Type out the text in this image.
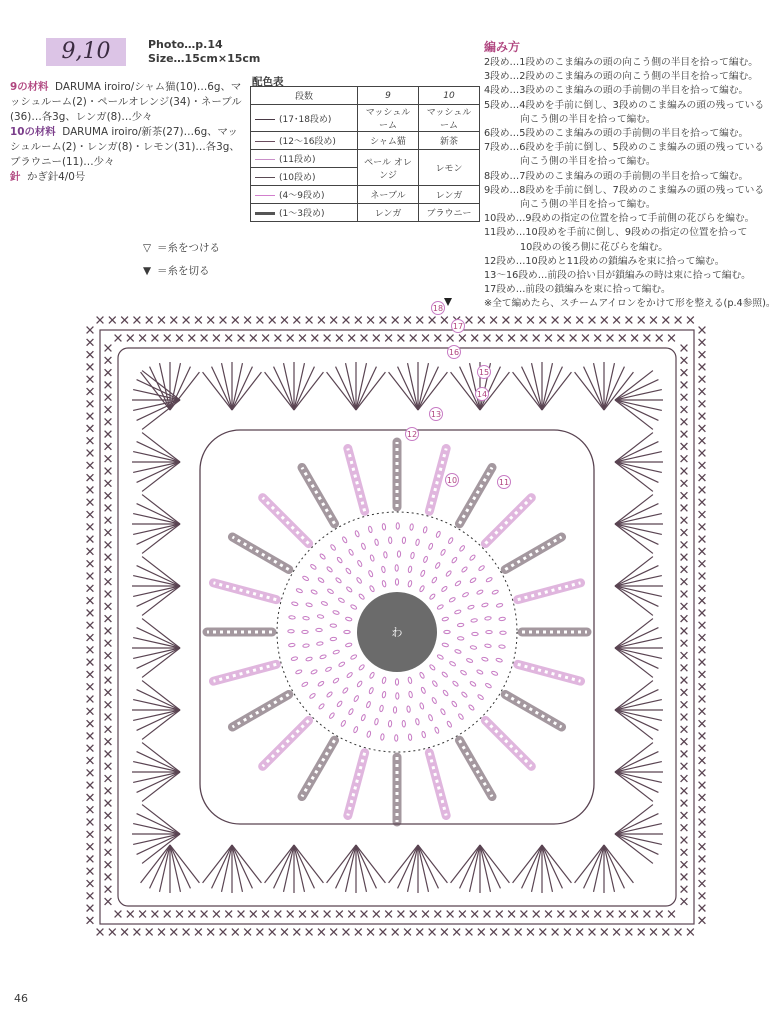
9,10	Photo…p.14
Size…15cm×15cm
9の材料 DARUMA iroiro/シャム猫(10)…6g、マッシュルーム(2)・ペールオレンジ(34)・ネーブル(36)…各3g、レンガ(8)…少々
10の材料 DARUMA iroiro/新茶(27)…6g、マッシュルーム(2)・レンガ(8)・レモン(31)…各3g、ブラウニー(11)…少々
針 かぎ針4/0号
▽ ＝糸をつける
▼ ＝糸を切る
配色表
段数	9	10
(17･18段め)	マッシュルーム	マッシュルーム
(12〜16段め)	シャム猫	新茶
(11段め)	ペール オレンジ	レモン
(10段め)		
(4〜9段め)	ネーブル	レンガ
(1〜3段め)	レンガ	ブラウニー
編み方
2段め…1段めのこま編みの頭の向こう側の半目を拾って編む。
3段め…2段めのこま編みの頭の向こう側の半目を拾って編む。
4段め…3段めのこま編みの頭の手前側の半目を拾って編む。
5段め…4段めを手前に倒し、3段めのこま編みの頭の残っている
向こう側の半目を拾って編む。
6段め…5段めのこま編みの頭の手前側の半目を拾って編む。
7段め…6段めを手前に倒し、5段めのこま編みの頭の残っている
向こう側の半目を拾って編む。
8段め…7段めのこま編みの頭の手前側の半目を拾って編む。
9段め…8段めを手前に倒し、7段めのこま編みの頭の残っている
向こう側の半目を拾って編む。
10段め…9段めの指定の位置を拾って手前側の花びらを編む。
11段め…10段めを手前に倒し、9段めの指定の位置を拾って
10段めの後ろ側に花びらを編む。
12段め…10段めと11段めの鎖編みを束に拾って編む。
13〜16段め…前段の拾い目が鎖編みの時は束に拾って編む。
17段め…前段の鎖編みを束に拾って編む。
※全て編めたら、スチームアイロンをかけて形を整える(p.4参照)。
わ
18
17
16
15
14
13
12
11
10
46
